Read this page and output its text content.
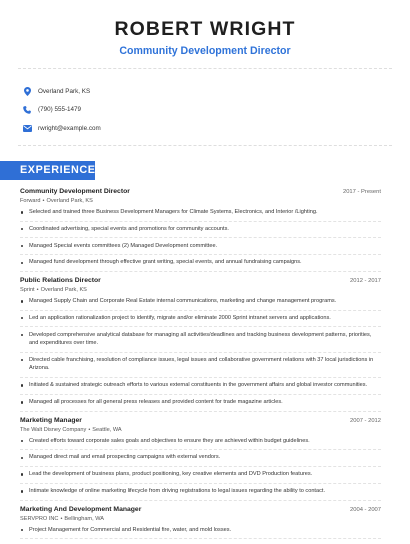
ROBERT WRIGHT
Community Development Director
Overland Park, KS
(790) 555-1479
rwright@example.com
EXPERIENCE
Community Development Director	2017 - Present
Forward • Overland Park, KS
Selected and trained three Business Development Managers for Climate Systems, Electronics, and Interior /Lighting.
Coordinated advertising, special events and promotions for community accounts.
Managed Special events committees (2) Managed Development committee.
Managed fund development through effective grant writing, special events, and annual fundraising campaigns.
Public Relations Director	2012 - 2017
Sprint • Overland Park, KS
Managed Supply Chain and Corporate Real Estate internal communications, marketing and change management programs.
Led an application rationalization project to identify, migrate and/or eliminate 2000 Sprint intranet servers and applications.
Developed comprehensive analytical database for managing all activities/deadlines and tracking business development patterns, priorities, and expenditures over time.
Directed cable franchising, resolution of compliance issues, legal issues and collaborative government relations with 37 local jurisdictions in Arizona.
Initiated & sustained strategic outreach efforts to various external constituents in the government affairs and global investor communities.
Managed all processes for all general press releases and provided content for trade magazine articles.
Marketing Manager	2007 - 2012
The Walt Disney Company • Seattle, WA
Created efforts toward corporate sales goals and objectives to ensure they are achieved within budget guidelines.
Managed direct mail and email prospecting campaigns with external vendors.
Lead the development of business plans, product positioning, key creative elements and DVD Production features.
Intimate knowledge of online marketing lifecycle from driving registrations to legal issues regarding the ability to contact.
Marketing And Development Manager	2004 - 2007
SERVPRO INC • Bellingham, WA
Project Management for Commercial and Residential fire, water, and mold losses.
